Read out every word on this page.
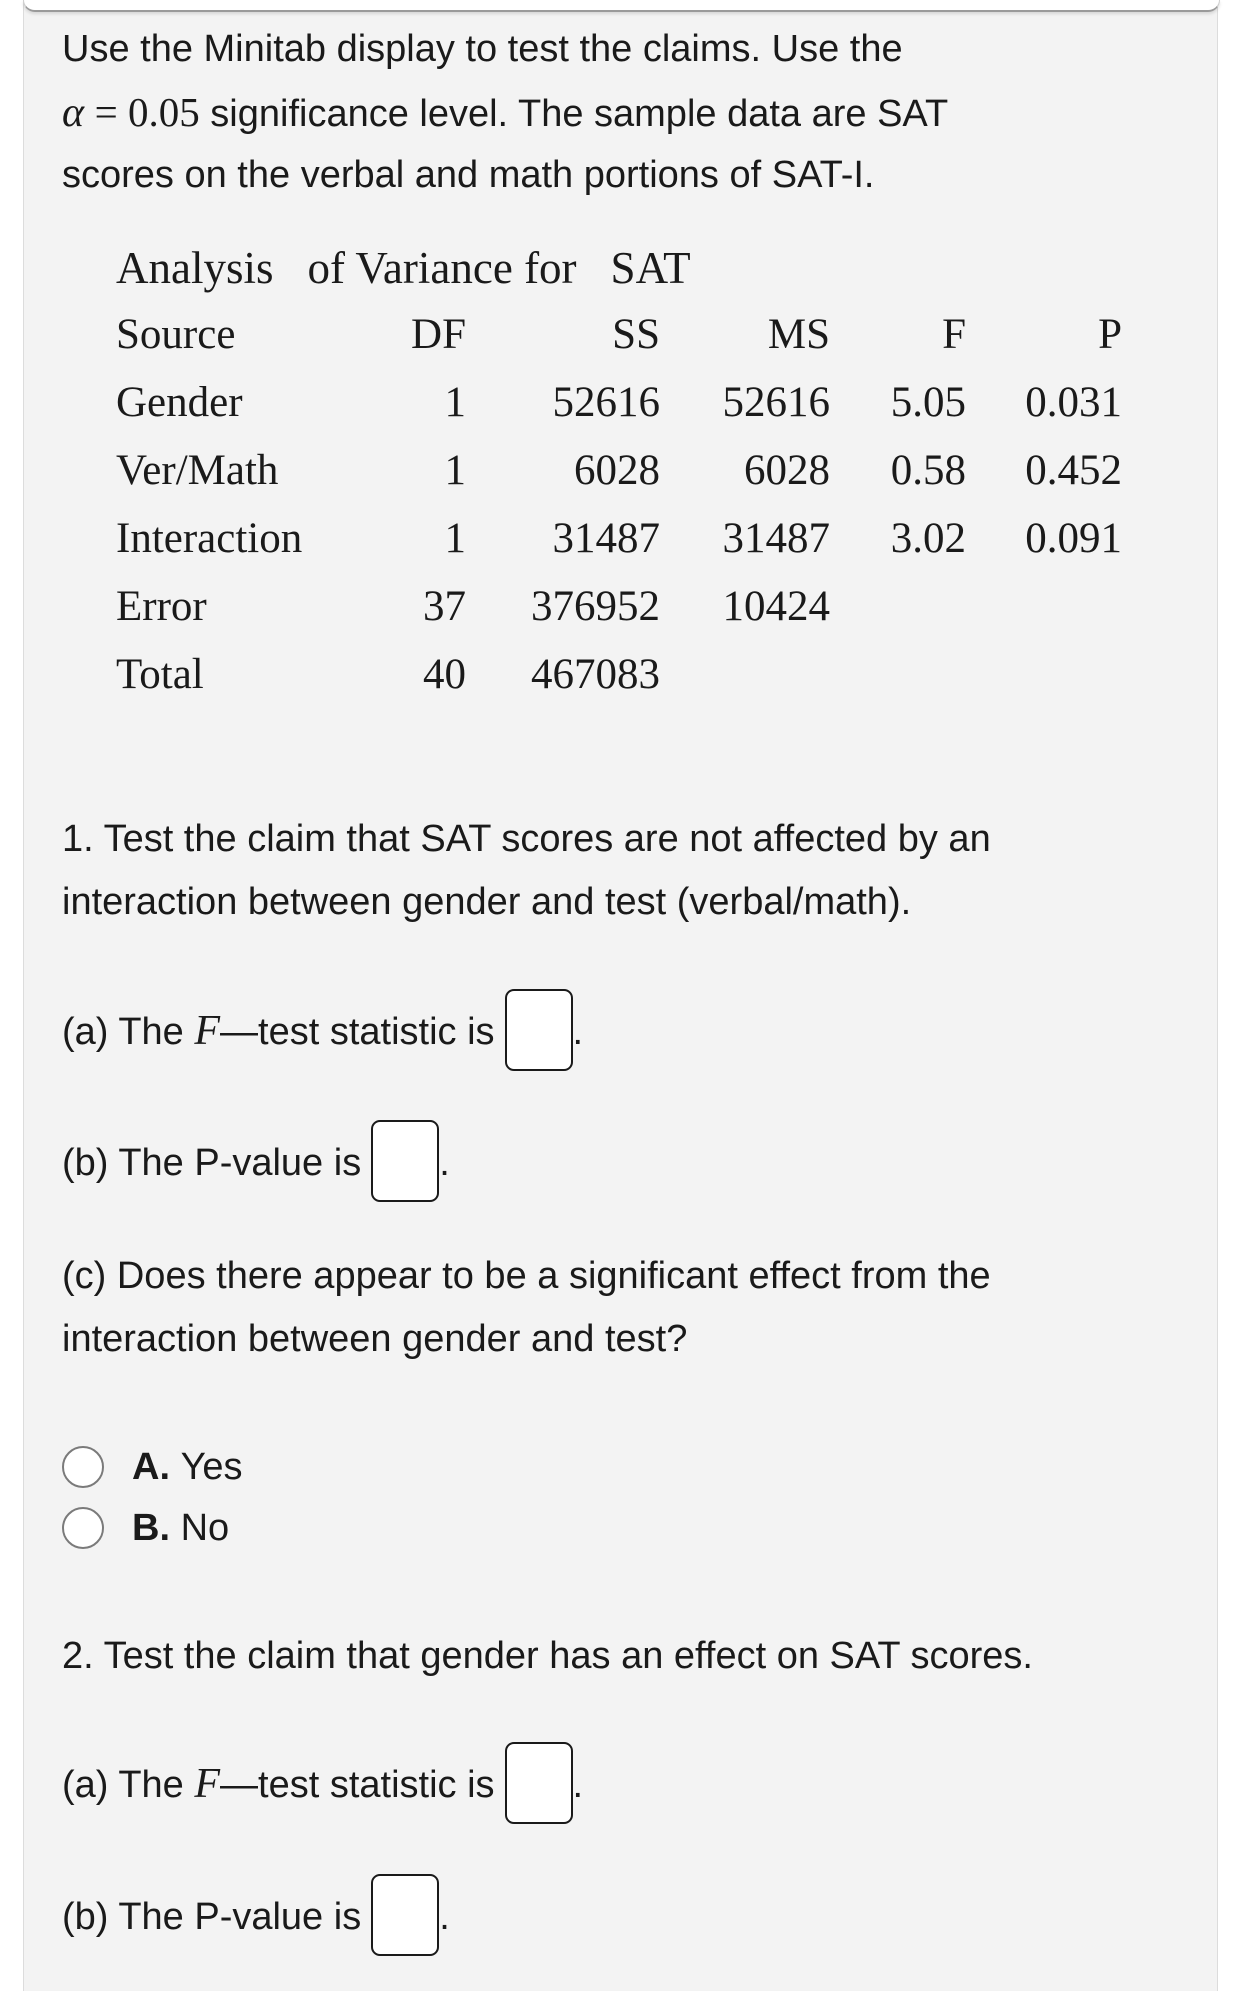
Use the Minitab display to test the claims. Use the
α = 0.05 significance level. The sample data are SAT
scores on the verbal and math portions of SAT-I.
Analysis of Variance for SAT
Source	DF	SS	MS	F	P
Gender	1	52616	52616	5.05	0.031
Ver/Math	1	6028	6028	0.58	0.452
Interaction	1	31487	31487	3.02	0.091
Error	37	376952	10424
Total	40	467083
1. Test the claim that SAT scores are not affected by an
interaction between gender and test (verbal/math).
(a) The F—test statistic is .
(b) The P-value is .
(c) Does there appear to be a significant effect from the
interaction between gender and test?
A.
Yes
B.
No
2. Test the claim that gender has an effect on SAT scores.
(a) The F—test statistic is .
(b) The P-value is .
